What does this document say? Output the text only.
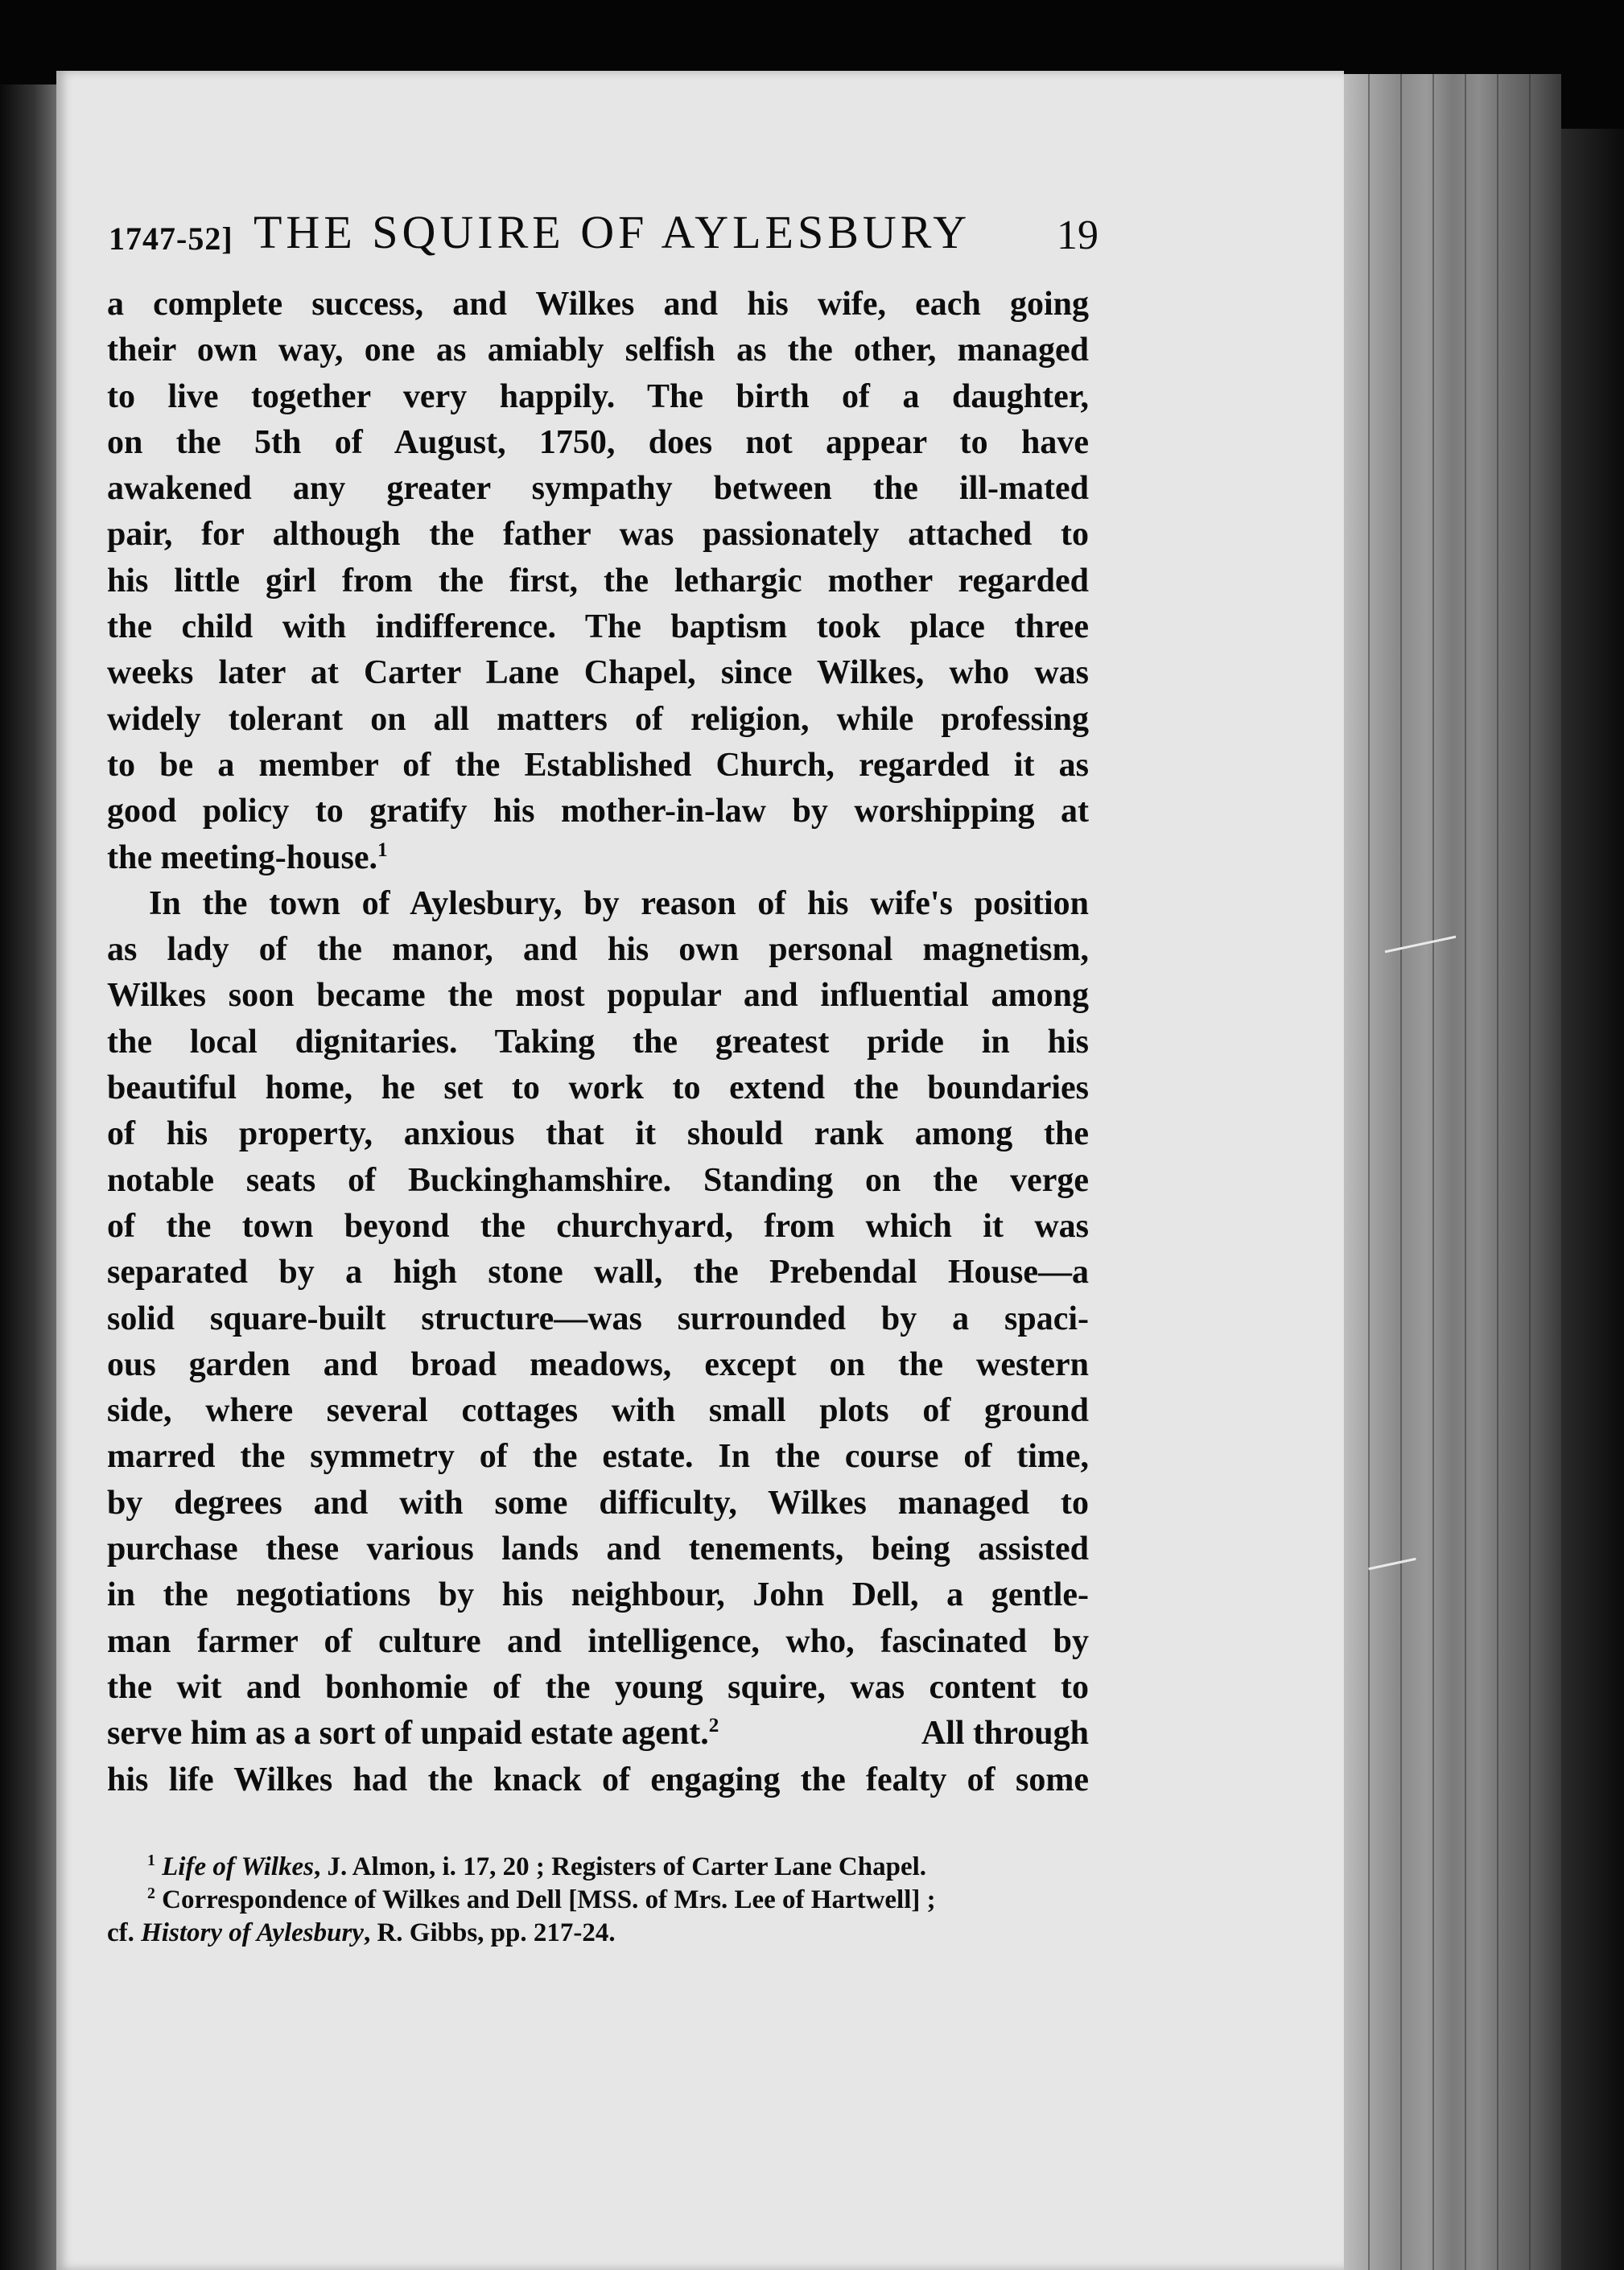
1747-52] THE SQUIRE OF AYLESBURY 19
a complete success, and Wilkes and his wife, each going
their own way, one as amiably selfish as the other, managed
to live together very happily. The birth of a daughter,
on the 5th of August, 1750, does not appear to have
awakened any greater sympathy between the ill-mated
pair, for although the father was passionately attached to
his little girl from the first, the lethargic mother regarded
the child with indifference. The baptism took place three
weeks later at Carter Lane Chapel, since Wilkes, who was
widely tolerant on all matters of religion, while professing
to be a member of the Established Church, regarded it as
good policy to gratify his mother-in-law by worshipping at
the meeting-house.$^1$
In the town of Aylesbury, by reason of his wife's position
as lady of the manor, and his own personal magnetism,
Wilkes soon became the most popular and influential among
the local dignitaries. Taking the greatest pride in his
beautiful home, he set to work to extend the boundaries
of his property, anxious that it should rank among the
notable seats of Buckinghamshire. Standing on the verge
of the town beyond the churchyard, from which it was
separated by a high stone wall, the Prebendal House—a
solid square-built structure—was surrounded by a spaci-
ous garden and broad meadows, except on the western
side, where several cottages with small plots of ground
marred the symmetry of the estate. In the course of time,
by degrees and with some difficulty, Wilkes managed to
purchase these various lands and tenements, being assisted
in the negotiations by his neighbour, John Dell, a gentle-
man farmer of culture and intelligence, who, fascinated by
the wit and bonhomie of the young squire, was content to
serve him as a sort of unpaid estate agent.$^2$	All through
his life Wilkes had the knack of engaging the fealty of some
$^1$ Life of Wilkes, J. Almon, i. 17, 20 ; Registers of Carter Lane Chapel.
$^2$ Correspondence of Wilkes and Dell [MSS. of Mrs. Lee of Hartwell] ;
cf. History of Aylesbury, R. Gibbs, pp. 217-24.
